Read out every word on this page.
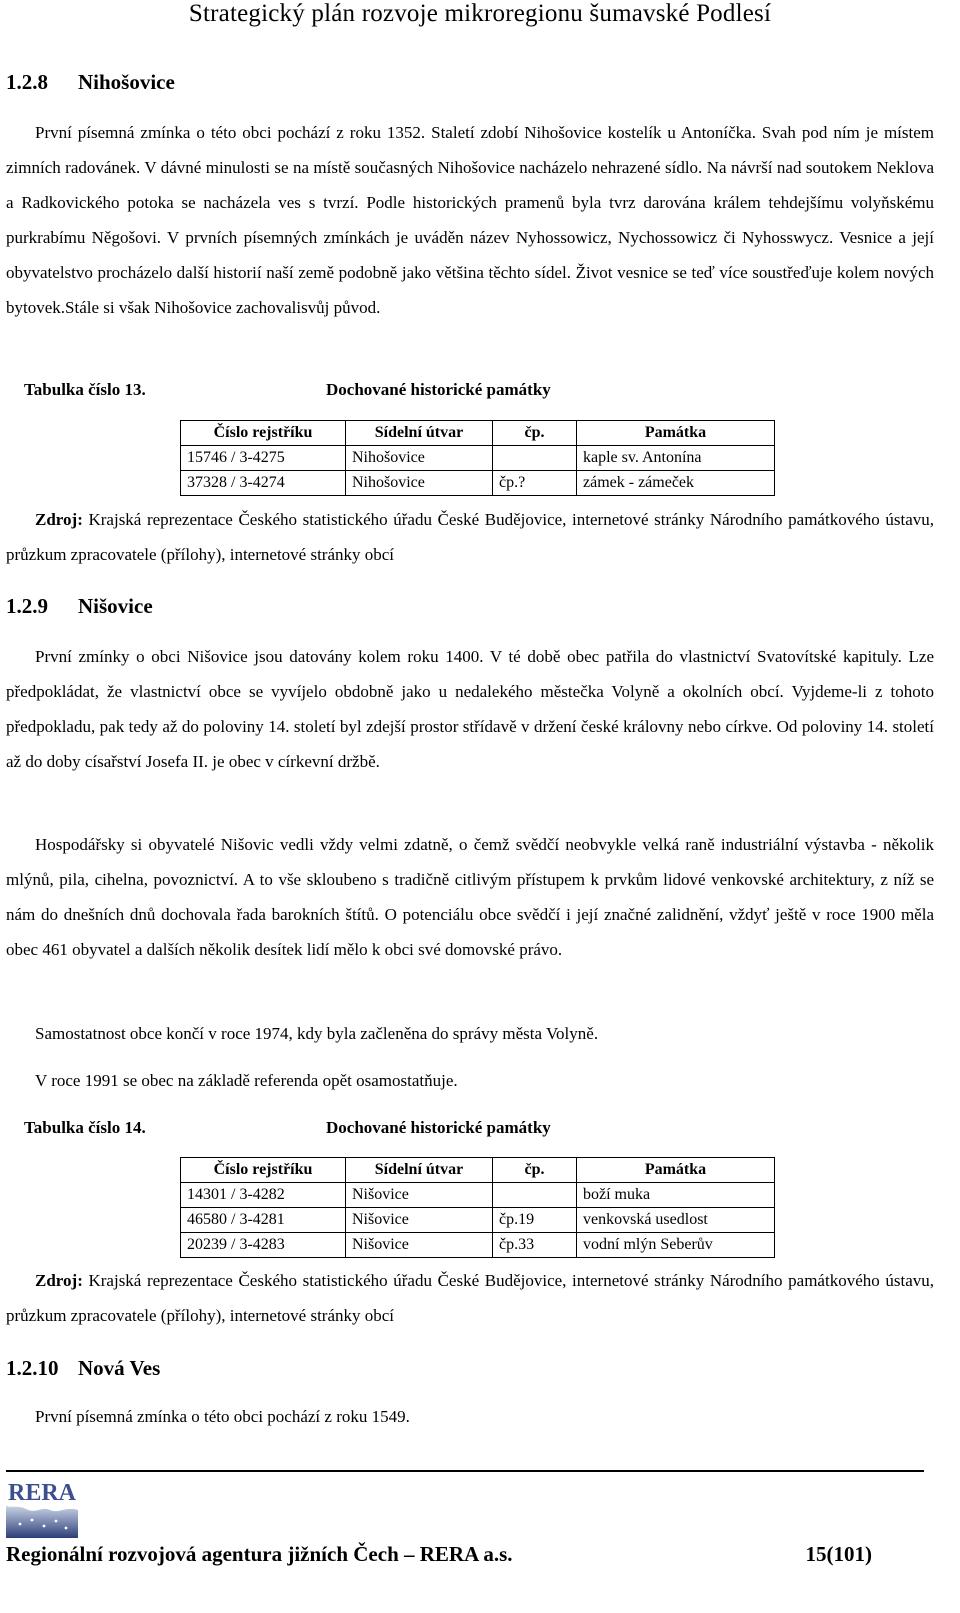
Strategický plán rozvoje mikroregionu šumavské Podlesí
1.2.8 Nihošovice

První písemná zmínka o této obci pochází z roku 1352. Staletí zdobí Nihošovice kostelík u Antoníčka. Svah pod ním je místem zimních radovánek. V dávné minulosti se na místě současných Nihošovice nacházelo nehrazené sídlo. Na návrší nad soutokem Neklova a Radkovického potoka se nacházela ves s tvrzí. Podle historických pramenů byla tvrz darována králem tehdejšímu volyňskému purkrabímu Něgošovi. V prvních písemných zmínkách je uváděn název Nyhossowicz, Nychossowicz či Nyhosswycz. Vesnice a její obyvatelstvo procházelo další historií naší země podobně jako většina těchto sídel. Život vesnice se teď více soustřeďuje kolem nových bytovek.Stále si však Nihošovice zachovalisvůj původ.

Tabulka číslo 13.	Dochované historické památky
Číslo rejstříku	Sídelní útvar	čp.	Památka
15746 / 3-4275	Nihošovice		kaple sv. Antonína
37328 / 3-4274	Nihošovice	čp.?	zámek - zámeček

Zdroj: Krajská reprezentace Českého statistického úřadu České Budějovice, internetové stránky Národního památkového ústavu, průzkum zpracovatele (přílohy), internetové stránky obcí

1.2.9 Nišovice

První zmínky o obci Nišovice jsou datovány kolem roku 1400. V té době obec patřila do vlastnictví Svatovítské kapituly. Lze předpokládat, že vlastnictví obce se vyvíjelo obdobně jako u nedalekého městečka Volyně a okolních obcí. Vyjdeme-li z tohoto předpokladu, pak tedy až do poloviny 14. století byl zdejší prostor střídavě v držení české královny nebo církve. Od poloviny 14. století až do doby císařství Josefa II. je obec v církevní držbě.

Hospodářsky si obyvatelé Nišovic vedli vždy velmi zdatně, o čemž svědčí neobvykle velká raně industriální výstavba - několik mlýnů, pila, cihelna, povoznictví. A to vše skloubeno s tradičně citlivým přístupem k prvkům lidové venkovské architektury, z níž se nám do dnešních dnů dochovala řada barokních štítů. O potenciálu obce svědčí i její značné zalidnění, vždyť ještě v roce 1900 měla obec 461 obyvatel a dalších několik desítek lidí mělo k obci své domovské právo.

Samostatnost obce končí v roce 1974, kdy byla začleněna do správy města Volyně.

V roce 1991 se obec na základě referenda opět osamostatňuje.

Tabulka číslo 14.	Dochované historické památky
Číslo rejstříku	Sídelní útvar	čp.	Památka
14301 / 3-4282	Nišovice		boží muka
46580 / 3-4281	Nišovice	čp.19	venkovská usedlost
20239 / 3-4283	Nišovice	čp.33	vodní mlýn Seberův

Zdroj: Krajská reprezentace Českého statistického úřadu České Budějovice, internetové stránky Národního památkového ústavu, průzkum zpracovatele (přílohy), internetové stránky obcí

1.2.10 Nová Ves

První písemná zmínka o této obci pochází z roku 1549.

RERA
Regionální rozvojová agentura jižních Čech – RERA a.s.	15(101)
